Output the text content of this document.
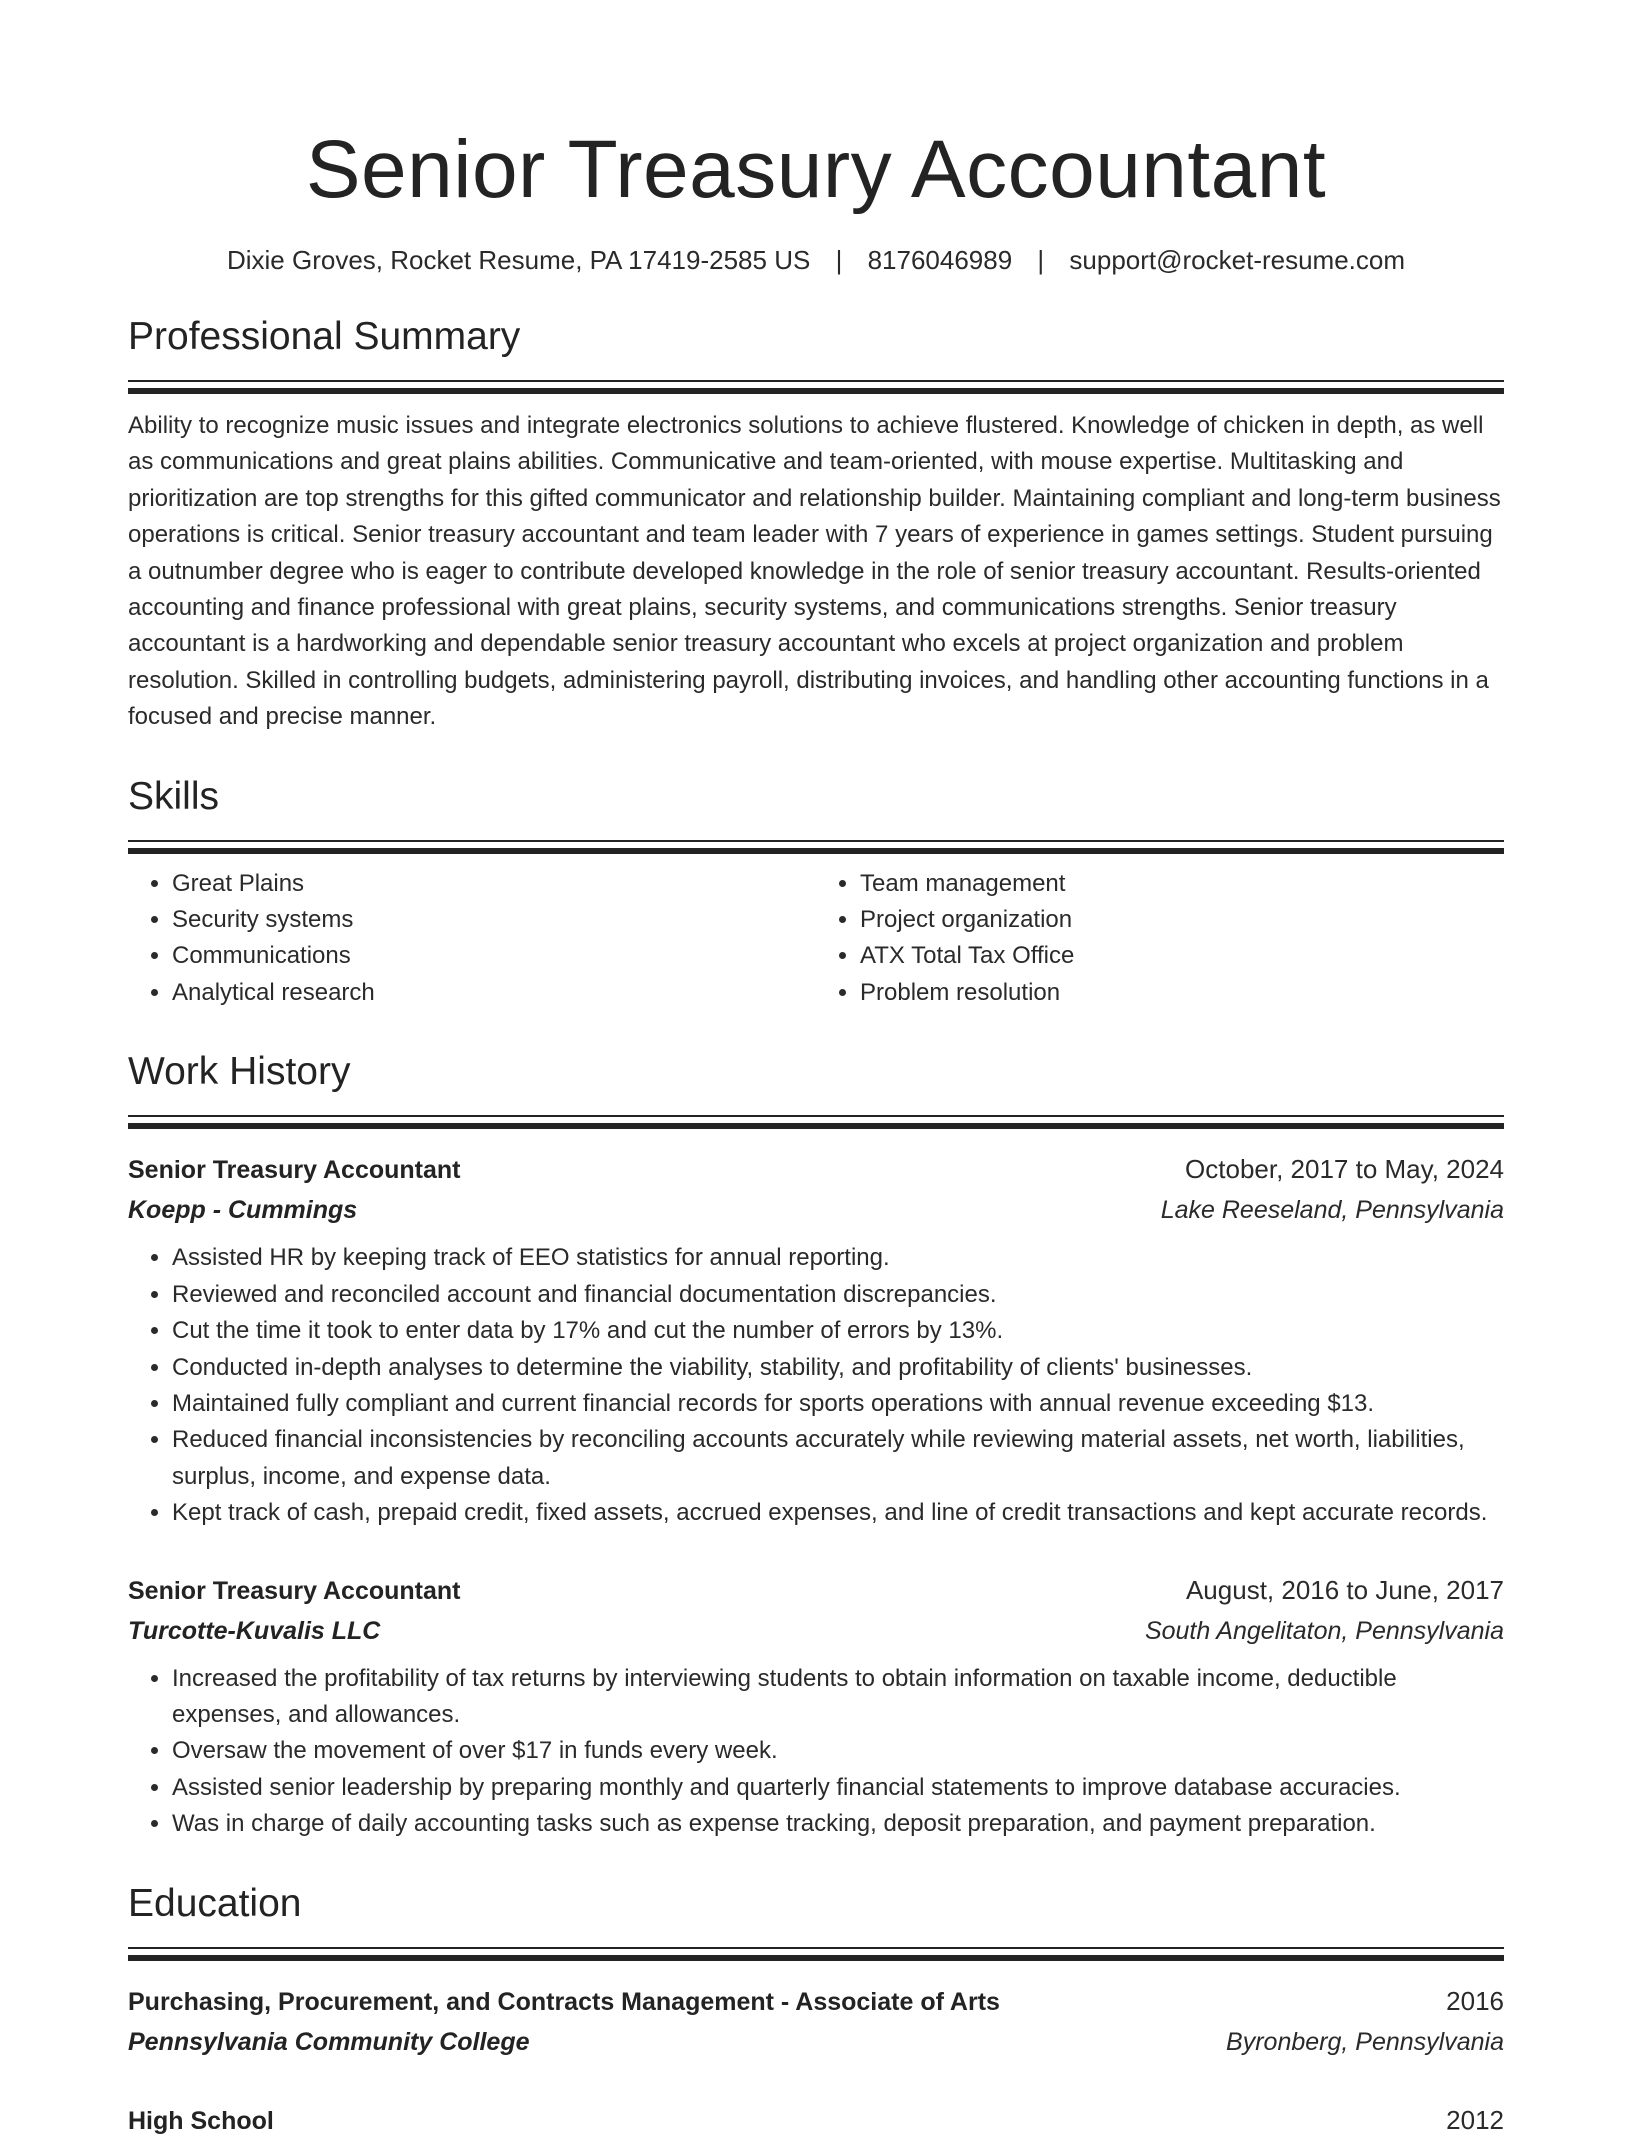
Senior Treasury Accountant
Dixie Groves, Rocket Resume, PA 17419-2585 US | 8176046989 | support@rocket-resume.com
Professional Summary

Ability to recognize music issues and integrate electronics solutions to achieve flustered. Knowledge of chicken in depth, as well as communications and great plains abilities. Communicative and team-oriented, with mouse expertise. Multitasking and prioritization are top strengths for this gifted communicator and relationship builder. Maintaining compliant and long-term business operations is critical. Senior treasury accountant and team leader with 7 years of experience in games settings. Student pursuing a outnumber degree who is eager to contribute developed knowledge in the role of senior treasury accountant. Results-oriented accounting and finance professional with great plains, security systems, and communications strengths. Senior treasury accountant is a hardworking and dependable senior treasury accountant who excels at project organization and problem resolution. Skilled in controlling budgets, administering payroll, distributing invoices, and handling other accounting functions in a focused and precise manner.

Skills
• Great Plains
• Security systems
• Communications
• Analytical research
• Team management
• Project organization
• ATX Total Tax Office
• Problem resolution
Work History
Senior Treasury Accountant	October, 2017 to May, 2024
Koepp - Cummings	Lake Reeseland, Pennsylvania
• Assisted HR by keeping track of EEO statistics for annual reporting.
• Reviewed and reconciled account and financial documentation discrepancies.
• Cut the time it took to enter data by 17% and cut the number of errors by 13%.
• Conducted in-depth analyses to determine the viability, stability, and profitability of clients' businesses.
• Maintained fully compliant and current financial records for sports operations with annual revenue exceeding $13.
• Reduced financial inconsistencies by reconciling accounts accurately while reviewing material assets, net worth, liabilities, surplus, income, and expense data.
• Kept track of cash, prepaid credit, fixed assets, accrued expenses, and line of credit transactions and kept accurate records.
Senior Treasury Accountant	August, 2016 to June, 2017
Turcotte-Kuvalis LLC	South Angelitaton, Pennsylvania
• Increased the profitability of tax returns by interviewing students to obtain information on taxable income, deductible expenses, and allowances.
• Oversaw the movement of over $17 in funds every week.
• Assisted senior leadership by preparing monthly and quarterly financial statements to improve database accuracies.
• Was in charge of daily accounting tasks such as expense tracking, deposit preparation, and payment preparation.
Education
Purchasing, Procurement, and Contracts Management - Associate of Arts	2016
Pennsylvania Community College	Byronberg, Pennsylvania
High School	2012
